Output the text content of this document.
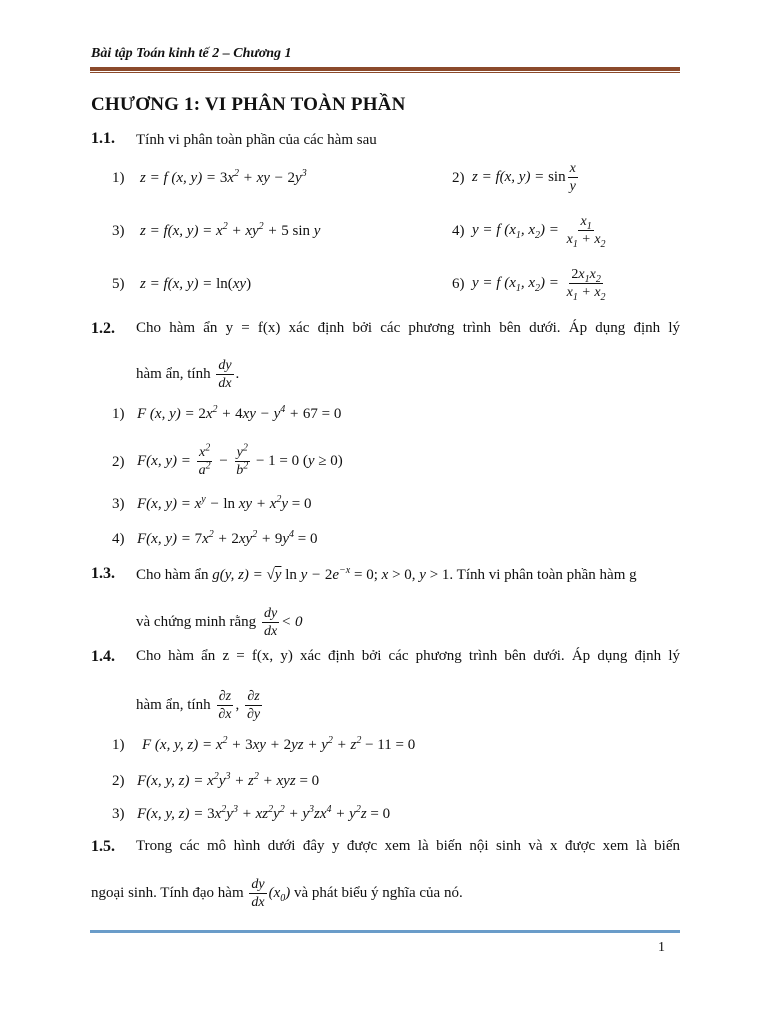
Bài tập Toán kinh tế 2 – Chương 1
CHƯƠNG 1: VI PHÂN TOÀN PHẦN
1.1. Tính vi phân toàn phần của các hàm sau
1) z = f (x, $y) = 3x^2$ + xy − $2y^3$	2) z = f(x, $y) = \sin \frac{x}{y}$
3) z = f(x, $y) = x^2 + xy^2 + 5$ sin y	4) y = f ($x_1$, $x_2) = \frac{x_1}{x_1 + x_2}$
5) z = f(x, y) = ln(xy)	6) y = f ($x_1$, $x_2) = \frac{2x_1x_2}{x_1 + x_2}$
1.2. Cho hàm ẩn y = f(x) xác định bởi các phương trình bên dưới. Áp dụng định lý
hàm ẩn, tính $\frac{dy}{dx}$ .
1) F (x, $y) = 2x^2 + 4xy - y^4 + 67 = 0$
2) F(x, $y) = \frac{x^2}{a^2} - \frac{y^2}{b^2} - 1 = 0$ (y ≥ 0)
3) F(x, $y) = x^y - \ln$ xy + $x^2y = 0$
4) F(x, $y) = 7x^2 + 2xy^2 + 9y^4 = 0$
1.3. Cho hàm ẩn g(y, z) = √y $\ln y - 2e^{-x} = 0$; x > 0, y > 1. Tính vi phân toàn phần hàm g
và chứng minh rằng $\frac{dy}{dx} < 0$
1.4. Cho hàm ẩn z = f(x, y) xác định bởi các phương trình bên dưới. Áp dụng định lý
hàm ẩn, tính $\frac{\partial z}{\partial x}$ , $\frac{\partial z}{\partial y}$
1) F (x, y, $z) = x^2 + 3xy + 2yz + y^2 + z^2 - 11 = 0$
2) F(x, y, $z) = x^2y^3 + z^2$ + xyz = 0
3) F(x, y, $z) = 3x^2y^3 + xz^2y^2 + y^3zx^4 + y^2z = 0$
1.5. Trong các mô hình dưới đây y được xem là biến nội sinh và x được xem là biến
ngoại sinh. Tính đạo hàm $\frac{dy}{dx} (x_0)$ và phát biểu ý nghĩa của nó.
1
